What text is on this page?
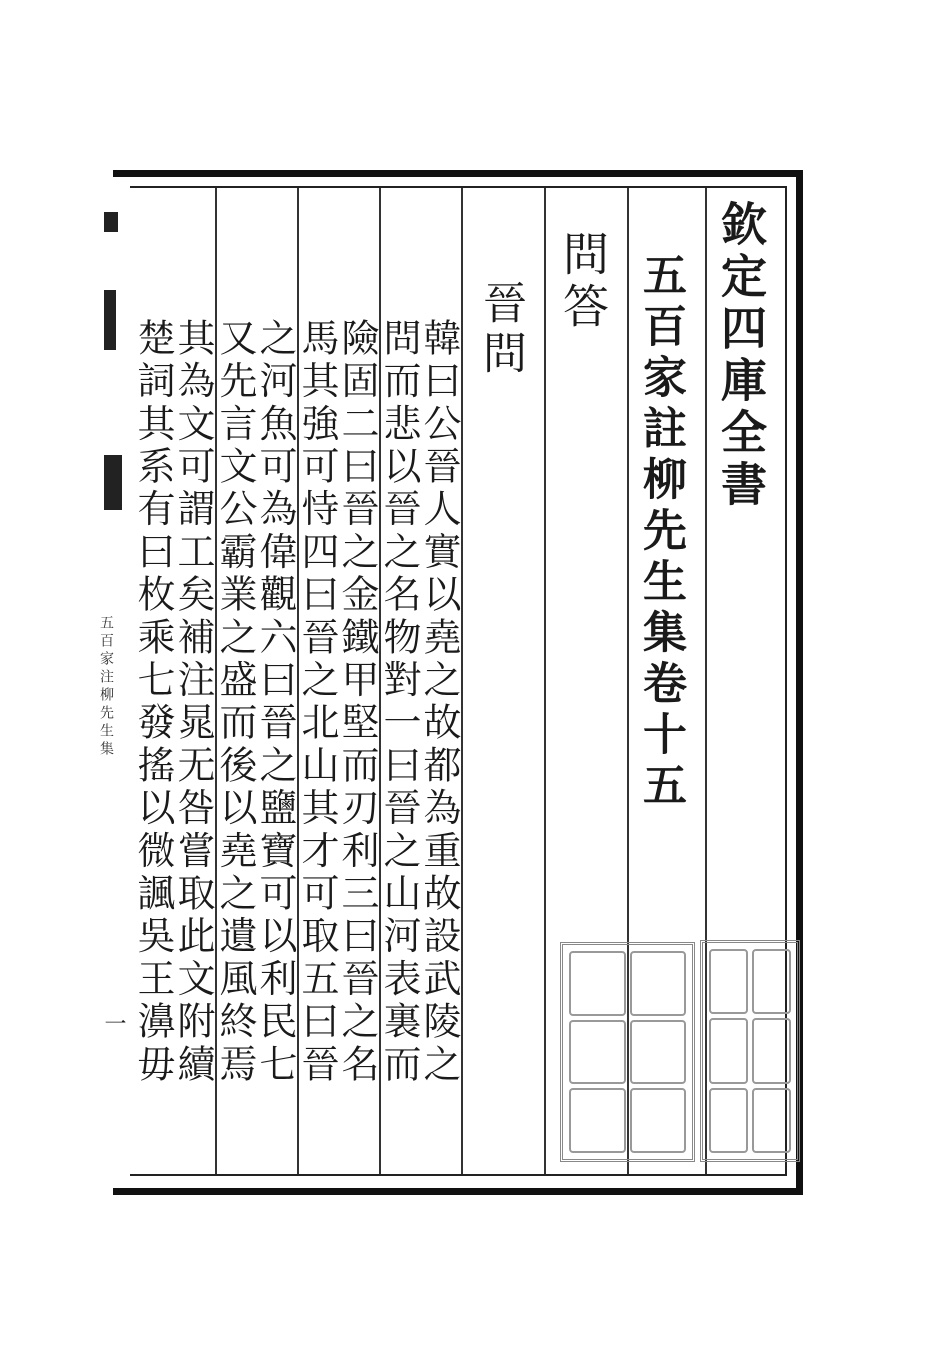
五百家注柳先生集
一
欽定四庫全書
五百家註柳先生集卷十五
問答
晉問
韓曰公晉人實以堯之故都為重故設武陵之
問而悲以晉之名物對一曰晉之山河表裏而
險固二曰晉之金鐵甲堅而刃利三曰晉之名
馬其強可恃四曰晉之北山其才可取五曰晉
之河魚可為偉觀六曰晉之鹽寶可以利民七
又先言文公霸業之盛而後以堯之遺風終焉
其為文可謂工矣補注晁无咎嘗取此文附續
楚詞其系有曰枚乘七發搖以微諷吳王濞毋
